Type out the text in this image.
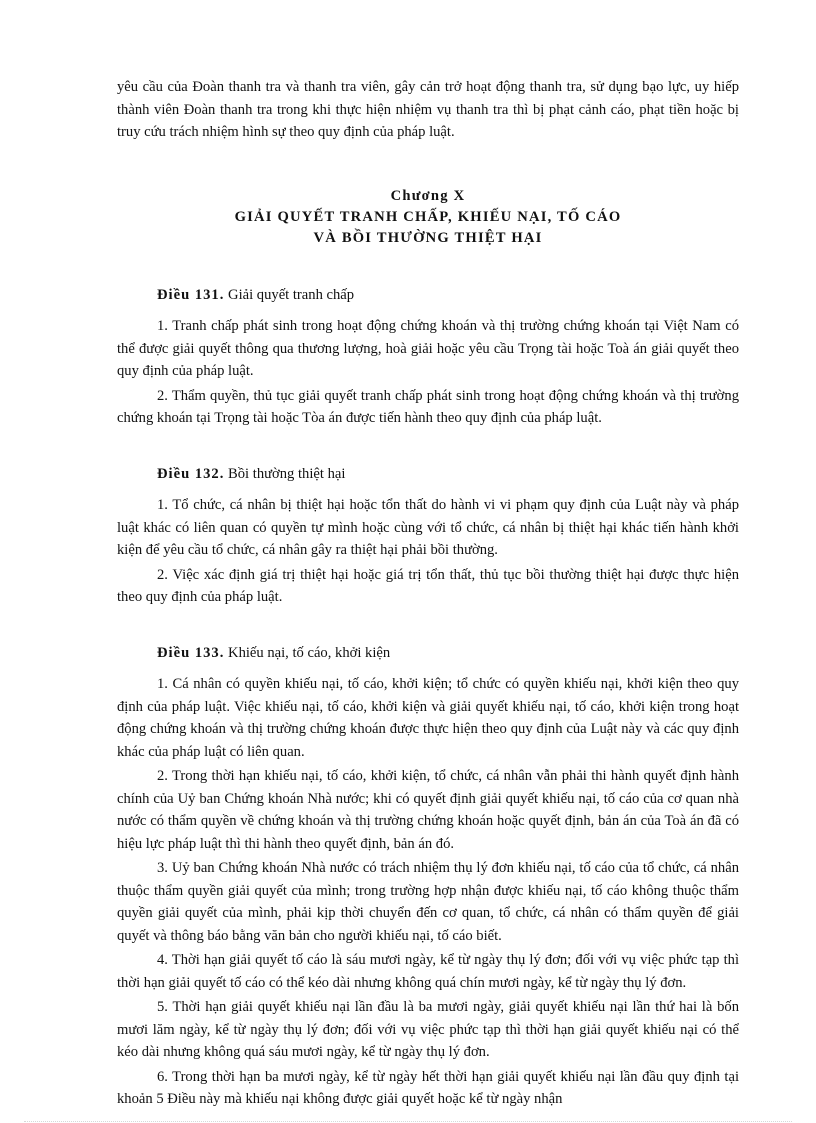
yêu cầu của Đoàn thanh tra và thanh tra viên, gây cản trở hoạt động thanh tra, sử dụng bạo lực, uy hiếp thành viên Đoàn thanh tra trong khi thực hiện nhiệm vụ thanh tra thì bị phạt cảnh cáo, phạt tiền hoặc bị truy cứu trách nhiệm hình sự theo quy định của pháp luật.

Chương X
GIẢI QUYẾT TRANH CHẤP, KHIẾU NẠI, TỐ CÁO
VÀ BỒI THƯỜNG THIỆT HẠI
Điều 131. Giải quyết tranh chấp

1. Tranh chấp phát sinh trong hoạt động chứng khoán và thị trường chứng khoán tại Việt Nam có thể được giải quyết thông qua thương lượng, hoà giải hoặc yêu cầu Trọng tài hoặc Toà án giải quyết theo quy định của pháp luật.

2. Thẩm quyền, thủ tục giải quyết tranh chấp phát sinh trong hoạt động chứng khoán và thị trường chứng khoán tại Trọng tài hoặc Tòa án được tiến hành theo quy định của pháp luật.

Điều 132. Bồi thường thiệt hại

1. Tổ chức, cá nhân bị thiệt hại hoặc tổn thất do hành vi vi phạm quy định của Luật này và pháp luật khác có liên quan có quyền tự mình hoặc cùng với tổ chức, cá nhân bị thiệt hại khác tiến hành khởi kiện để yêu cầu tổ chức, cá nhân gây ra thiệt hại phải bồi thường.

2. Việc xác định giá trị thiệt hại hoặc giá trị tổn thất, thủ tục bồi thường thiệt hại được thực hiện theo quy định của pháp luật.

Điều 133. Khiếu nại, tố cáo, khởi kiện

1. Cá nhân có quyền khiếu nại, tố cáo, khởi kiện; tổ chức có quyền khiếu nại, khởi kiện theo quy định của pháp luật. Việc khiếu nại, tố cáo, khởi kiện và giải quyết khiếu nại, tố cáo, khởi kiện trong hoạt động chứng khoán và thị trường chứng khoán được thực hiện theo quy định của Luật này và các quy định khác của pháp luật có liên quan.

2. Trong thời hạn khiếu nại, tố cáo, khởi kiện, tổ chức, cá nhân vẫn phải thi hành quyết định hành chính của Uỷ ban Chứng khoán Nhà nước; khi có quyết định giải quyết khiếu nại, tố cáo của cơ quan nhà nước có thẩm quyền về chứng khoán và thị trường chứng khoán hoặc quyết định, bản án của Toà án đã có hiệu lực pháp luật thì thi hành theo quyết định, bản án đó.

3. Uỷ ban Chứng khoán Nhà nước có trách nhiệm thụ lý đơn khiếu nại, tố cáo của tổ chức, cá nhân thuộc thẩm quyền giải quyết của mình; trong trường hợp nhận được khiếu nại, tố cáo không thuộc thẩm quyền giải quyết của mình, phải kịp thời chuyển đến cơ quan, tổ chức, cá nhân có thẩm quyền để giải quyết và thông báo bằng văn bản cho người khiếu nại, tố cáo biết.

4. Thời hạn giải quyết tố cáo là sáu mươi ngày, kể từ ngày thụ lý đơn; đối với vụ việc phức tạp thì thời hạn giải quyết tố cáo có thể kéo dài nhưng không quá chín mươi ngày, kể từ ngày thụ lý đơn.

5. Thời hạn giải quyết khiếu nại lần đầu là ba mươi ngày, giải quyết khiếu nại lần thứ hai là bốn mươi lăm ngày, kể từ ngày thụ lý đơn; đối với vụ việc phức tạp thì thời hạn giải quyết khiếu nại có thể kéo dài nhưng không quá sáu mươi ngày, kể từ ngày thụ lý đơn.

6. Trong thời hạn ba mươi ngày, kể từ ngày hết thời hạn giải quyết khiếu nại lần đầu quy định tại khoản 5 Điều này mà khiếu nại không được giải quyết hoặc kể từ ngày nhận
